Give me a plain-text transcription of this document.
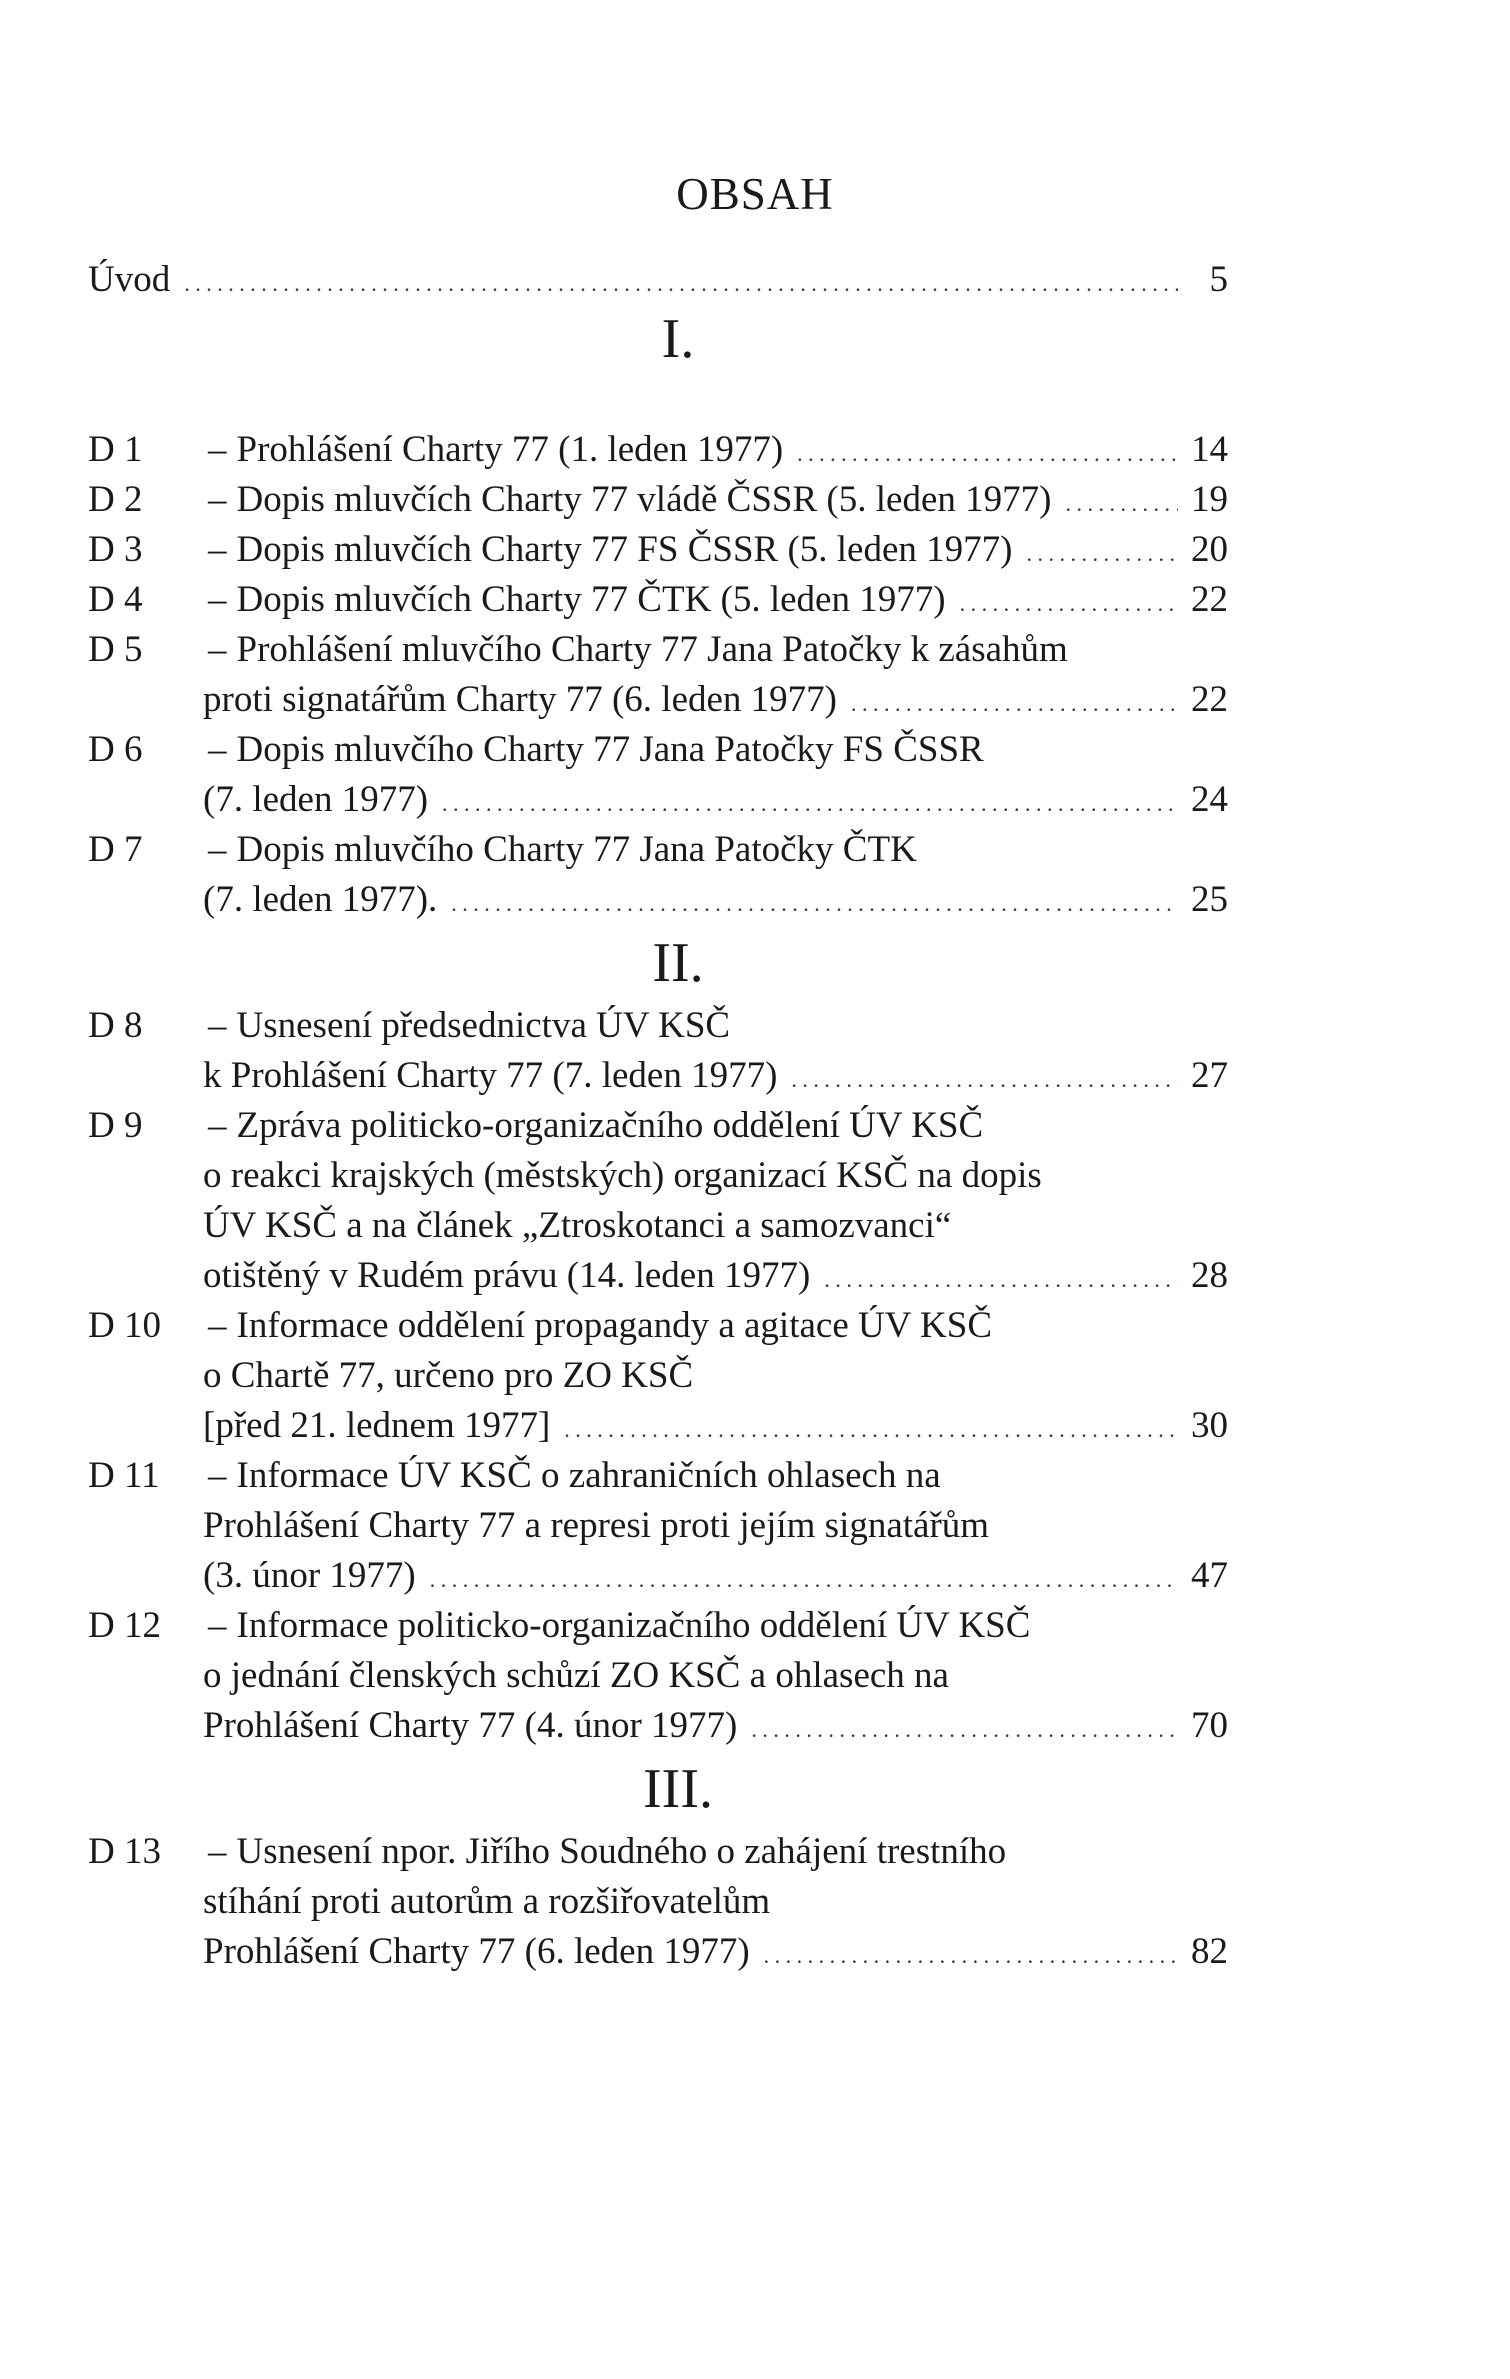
OBSAH
Úvod . . .	5
I.
D 1	– Prohlášení Charty 77 (1. leden 1977) . . .	14
D 2	– Dopis mluvčích Charty 77 vládě ČSSR (5. leden 1977) . . .	19
D 3	– Dopis mluvčích Charty 77 FS ČSSR (5. leden 1977) . . .	20
D 4	– Dopis mluvčích Charty 77 ČTK (5. leden 1977) . . .	22
D 5	– Prohlášení mluvčího Charty 77 Jana Patočky k zásahům
proti signatářům Charty 77 (6. leden 1977) . . .	22
D 6	– Dopis mluvčího Charty 77 Jana Patočky FS ČSSR
(7. leden 1977) . . .	24
D 7	– Dopis mluvčího Charty 77 Jana Patočky ČTK
(7. leden 1977). . . .	25
II.
D 8	– Usnesení předsednictva ÚV KSČ
k Prohlášení Charty 77 (7. leden 1977) . . .	27
D 9	– Zpráva politicko-organizačního oddělení ÚV KSČ
o reakci krajských (městských) organizací KSČ na dopis
ÚV KSČ a na článek „Ztroskotanci a samozvanci“
otištěný v Rudém právu (14. leden 1977) . . .	28
D 10	– Informace oddělení propagandy a agitace ÚV KSČ
o Chartě 77, určeno pro ZO KSČ
[před 21. lednem 1977] . . .	30
D 11	– Informace ÚV KSČ o zahraničních ohlasech na
Prohlášení Charty 77 a represi proti jejím signatářům
(3. únor 1977) . . .	47
D 12	– Informace politicko-organizačního oddělení ÚV KSČ
o jednání členských schůzí ZO KSČ a ohlasech na
Prohlášení Charty 77 (4. únor 1977) . . .	70
III.
D 13	– Usnesení npor. Jiřího Soudného o zahájení trestního
stíhání proti autorům a rozšiřovatelům
Prohlášení Charty 77 (6. leden 1977) . . .	82
